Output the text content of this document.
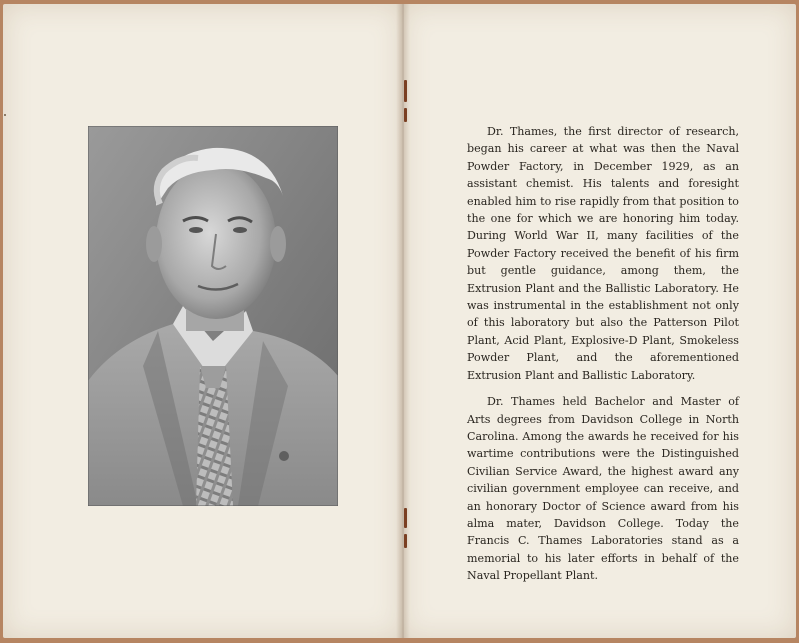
Dr. Thames, the first director of research, began his career at what was then the Naval Powder Factory, in December 1929, as an assistant chemist. His talents and foresight enabled him to rise rapidly from that position to the one for which we are honoring him today. During World War II, many facilities of the Powder Factory received the benefit of his firm but gentle guidance, among them, the Extrusion Plant and the Ballistic Laboratory. He was instrumental in the establishment not only of this laboratory but also the Patterson Pilot Plant, Acid Plant, Explosive-D Plant, Smokeless Powder Plant, and the aforementioned Extrusion Plant and Ballistic Laboratory.

Dr. Thames held Bachelor and Master of Arts degrees from Davidson College in North Carolina. Among the awards he received for his wartime contributions were the Distinguished Civilian Service Award, the highest award any civilian government employee can receive, and an honorary Doctor of Science award from his alma mater, Davidson College. Today the Francis C. Thames Laboratories stand as a memorial to his later efforts in behalf of the Naval Propellant Plant.
